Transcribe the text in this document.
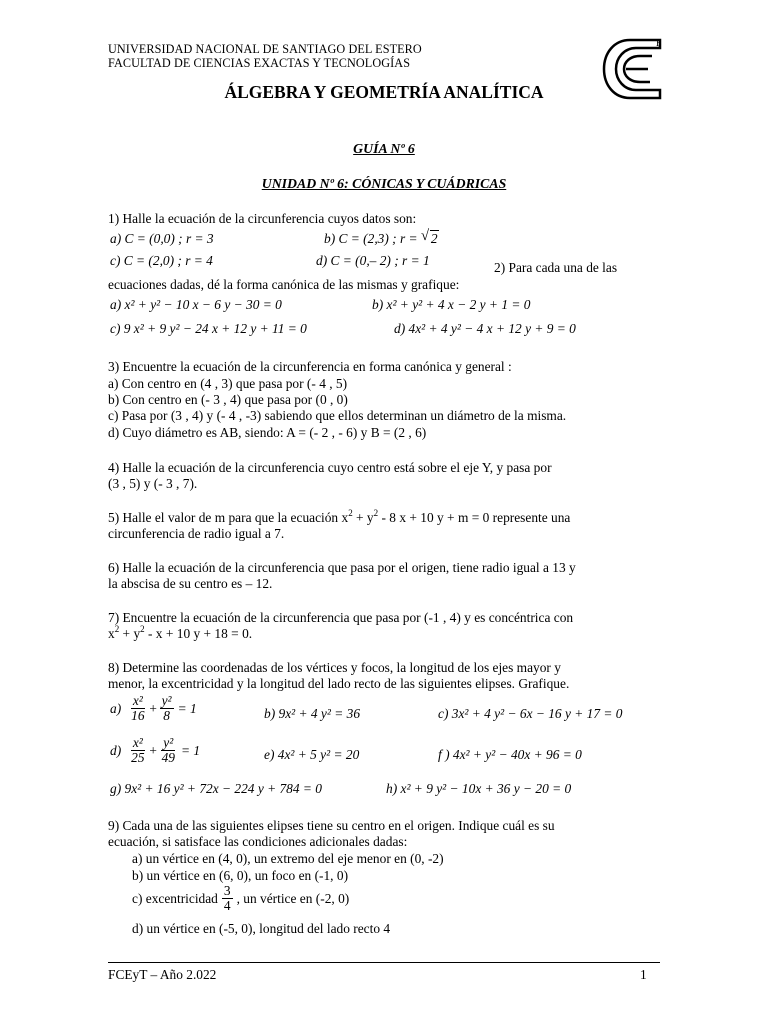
UNIVERSIDAD NACIONAL DE SANTIAGO DEL ESTERO
FACULTAD DE CIENCIAS EXACTAS Y TECNOLOGÍAS
E
ÁLGEBRA Y GEOMETRÍA ANALÍTICA
GUÍA Nº 6
UNIDAD Nº 6: CÓNICAS Y CUÁDRICAS
1) Halle la ecuación de la circunferencia cuyos datos son:
a) C = (0,0) ; r = 3	b) C = (2,3) ; r = √ 2
c) C = (2,0) ; r = 4	d) C = (0,– 2) ; r = 1	2) Para cada una de las
ecuaciones dadas, dé la forma canónica de las mismas y grafique:
a) x² + y² − 10 x − 6 y − 30 = 0	b) x² + y² + 4 x − 2 y + 1 = 0
c) 9 x² + 9 y² − 24 x + 12 y + 11 = 0	d) 4x² + 4 y² − 4 x + 12 y + 9 = 0
3) Encuentre la ecuación de la circunferencia en forma canónica y general :
a) Con centro en (4 , 3) que pasa por (- 4 , 5)
b) Con centro en (- 3 , 4) que pasa por (0 , 0)
c) Pasa por (3 , 4) y (- 4 , -3) sabiendo que ellos determinan un diámetro de la misma.
d) Cuyo diámetro es AB, siendo: A = (- 2 , - 6) y B = (2 , 6)
4) Halle la ecuación de la circunferencia cuyo centro está sobre el eje Y, y pasa por
(3 , 5) y (- 3 , 7).
5) Halle el valor de m para que la ecuación $x^2 + y^2 - 8$ x + 10 y + m = 0 represente una
circunferencia de radio igual a 7.
6) Halle la ecuación de la circunferencia que pasa por el origen, tiene radio igual a 13 y
la abscisa de su centro es – 12.
7) Encuentre la ecuación de la circunferencia que pasa por (-1 , 4) y es concéntrica con
$x^2 + y^2 - x + 10$ y + 18 = 0.
8) Determine las coordenadas de los vértices y focos, la longitud de los ejes mayor y
menor, la excentricidad y la longitud del lado recto de las siguientes elipses. Grafique.
$a) \frac{\text{x²}}{16} + \frac{\text{y²}}{8} = 1$	b) 9x² + 4 y² = 36	c) 3x² + 4 y² − 6x − 16 y + 17 = 0
$d) \frac{\text{x²}}{25} + \frac{\text{y²}}{49} = 1$	e) 4x² + 5 y² = 20	f ) 4x² + y² − 40x + 96 = 0
g) 9x² + 16 y² + 72x − 224 y + 784 = 0	h) x² + 9 y² − 10x + 36 y − 20 = 0
9) Cada una de las siguientes elipses tiene su centro en el origen. Indique cuál es su
ecuación, si satisface las condiciones adicionales dadas:
a) un vértice en (4, 0), un extremo del eje menor en (0, -2)
b) un vértice en (6, 0), un foco en (-1, 0)
c) excentricidad $\frac{3}{4}$ , un vértice en (-2, 0)
d) un vértice en (-5, 0), longitud del lado recto 4
FCEyT – Año 2.022	1
